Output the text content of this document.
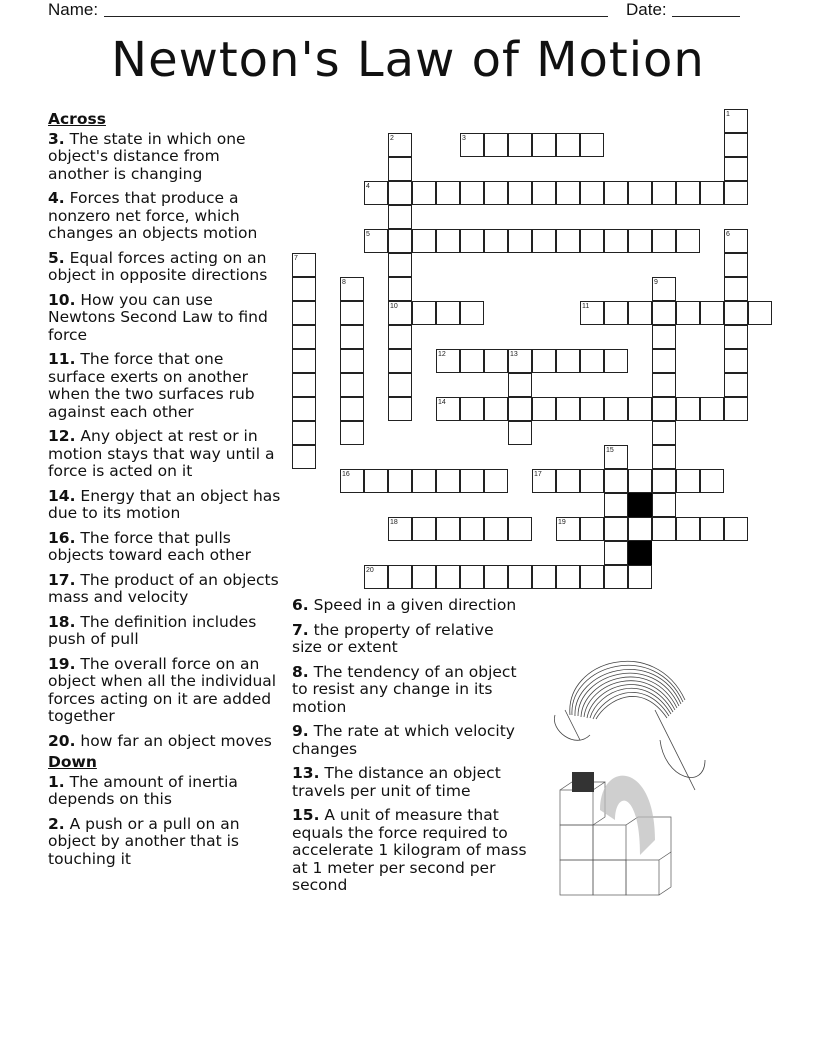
Name:	Date:
Newton's Law of Motion
Across
3. The state in which one object's distance from another is changing
4. Forces that produce a nonzero net force, which changes an objects motion
5. Equal forces acting on an object in opposite directions
10. How you can use Newtons Second Law to find force
11. The force that one surface exerts on another when the two surfaces rub against each other
12. Any object at rest or in motion stays that way until a force is acted on it
14. Energy that an object has due to its motion
16. The force that pulls objects toward each other
17. The product of an objects mass and velocity
18. The definition includes push of pull
19. The overall force on an object when all the individual forces acting on it are added together
20. how far an object moves
Down
1. The amount of inertia depends on this
2. A push or a pull on an object by another that is touching it
6. Speed in a given direction
7. the property of relative size or extent
8. The tendency of an object to resist any change in its motion
9. The rate at which velocity changes
13. The distance an object travels per unit of time
15. A unit of measure that equals the force required to accelerate 1 kilogram of mass at 1 meter per second per second
3
4
5
10	11
12
14
16	17
18	19
20
1
2
6
7
8	9
13
15
